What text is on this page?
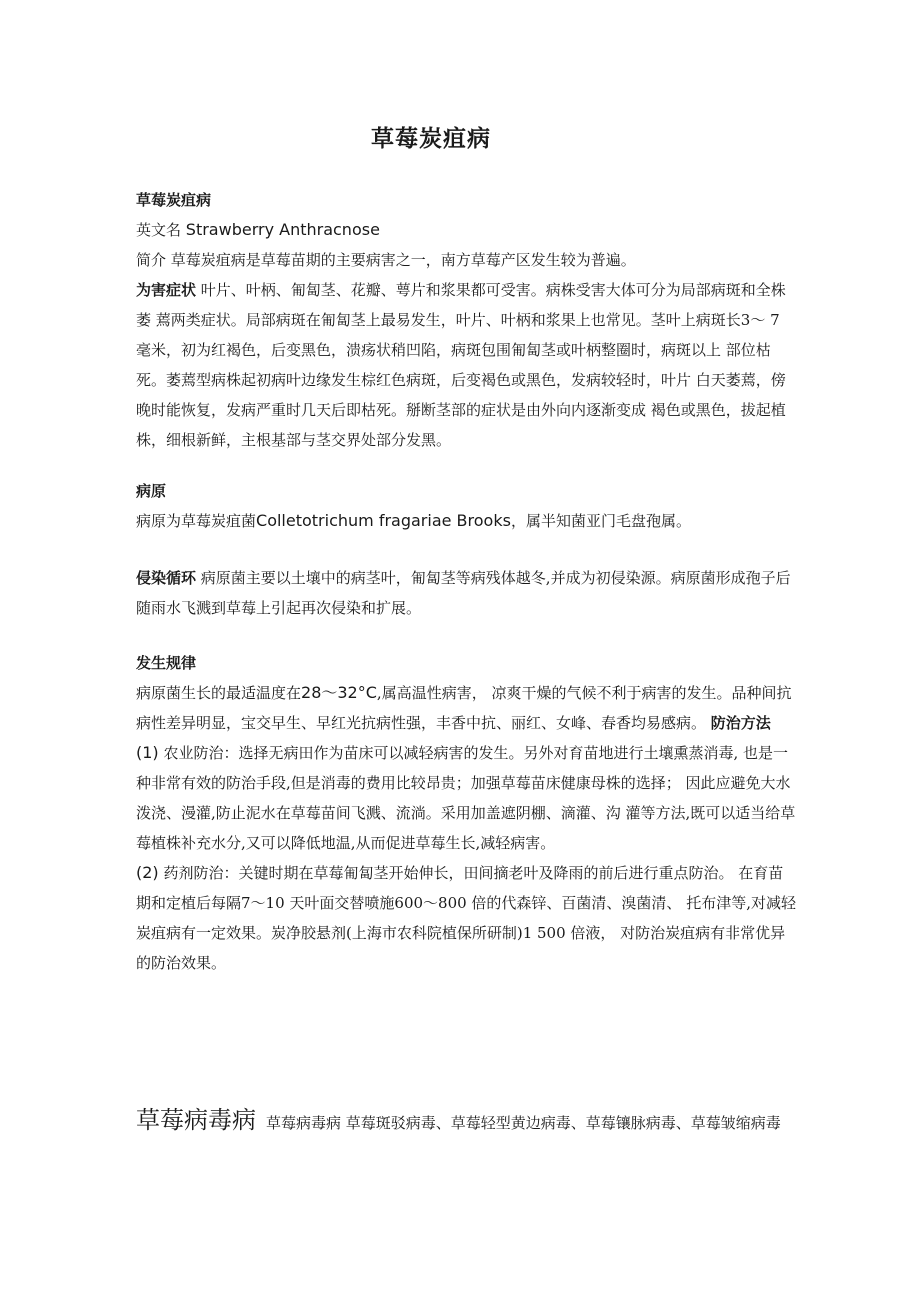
草莓炭疽病

草莓炭疽病

英文名 Strawberry Anthracnose

简介 草莓炭疽病是草莓苗期的主要病害之一，南方草莓产区发生较为普遍。

为害症状 叶片、叶柄、匍匐茎、花瓣、萼片和浆果都可受害。病株受害大体可分为局部病斑和全株萎 蔫两类症状。局部病斑在匍匐茎上最易发生，叶片、叶柄和浆果上也常见。茎叶上病斑长3～ 7 毫米，初为红褐色，后变黑色，溃疡状稍凹陷，病斑包围匍匐茎或叶柄整圈时，病斑以上 部位枯死。萎蔫型病株起初病叶边缘发生棕红色病斑，后变褐色或黑色，发病较轻时，叶片 白天萎蔫，傍晚时能恢复，发病严重时几天后即枯死。掰断茎部的症状是由外向内逐渐变成 褐色或黑色，拔起植株，细根新鲜，主根基部与茎交界处部分发黑。

病原

病原为草莓炭疽菌Colletotrichum fragariae Brooks，属半知菌亚门毛盘孢属。

侵染循环 病原菌主要以土壤中的病茎叶，匍匐茎等病残体越冬,并成为初侵染源。病原菌形成孢子后 随雨水飞溅到草莓上引起再次侵染和扩展。

发生规律

病原菌生长的最适温度在28～32°C,属高温性病害， 凉爽干燥的气候不利于病害的发生。品种间抗病性差异明显，宝交早生、早红光抗病性强，丰香中抗、丽红、女峰、春香均易感病。 防治方法

(1) 农业防治：选择无病田作为苗床可以减轻病害的发生。另外对育苗地进行土壤熏蒸消毒, 也是一种非常有效的防治手段,但是消毒的费用比较昂贵；加强草莓苗床健康母株的选择； 因此应避免大水泼浇、漫灌,防止泥水在草莓苗间飞溅、流淌。采用加盖遮阴棚、滴灌、沟 灌等方法,既可以适当给草莓植株补充水分,又可以降低地温,从而促进草莓生长,减轻病害。

(2) 药剂防治：关键时期在草莓匍匐茎开始伸长，田间摘老叶及降雨的前后进行重点防治。 在育苗期和定植后每隔7～10 天叶面交替喷施600～800 倍的代森锌、百菌清、溴菌清、 托布津等,对减轻炭疽病有一定效果。炭净胶悬剂(上海市农科院植保所研制)1 500 倍液， 对防治炭疽病有非常优异的防治效果。

草莓病毒病 草莓病毒病 草莓斑驳病毒、草莓轻型黄边病毒、草莓镶脉病毒、草莓皱缩病毒
